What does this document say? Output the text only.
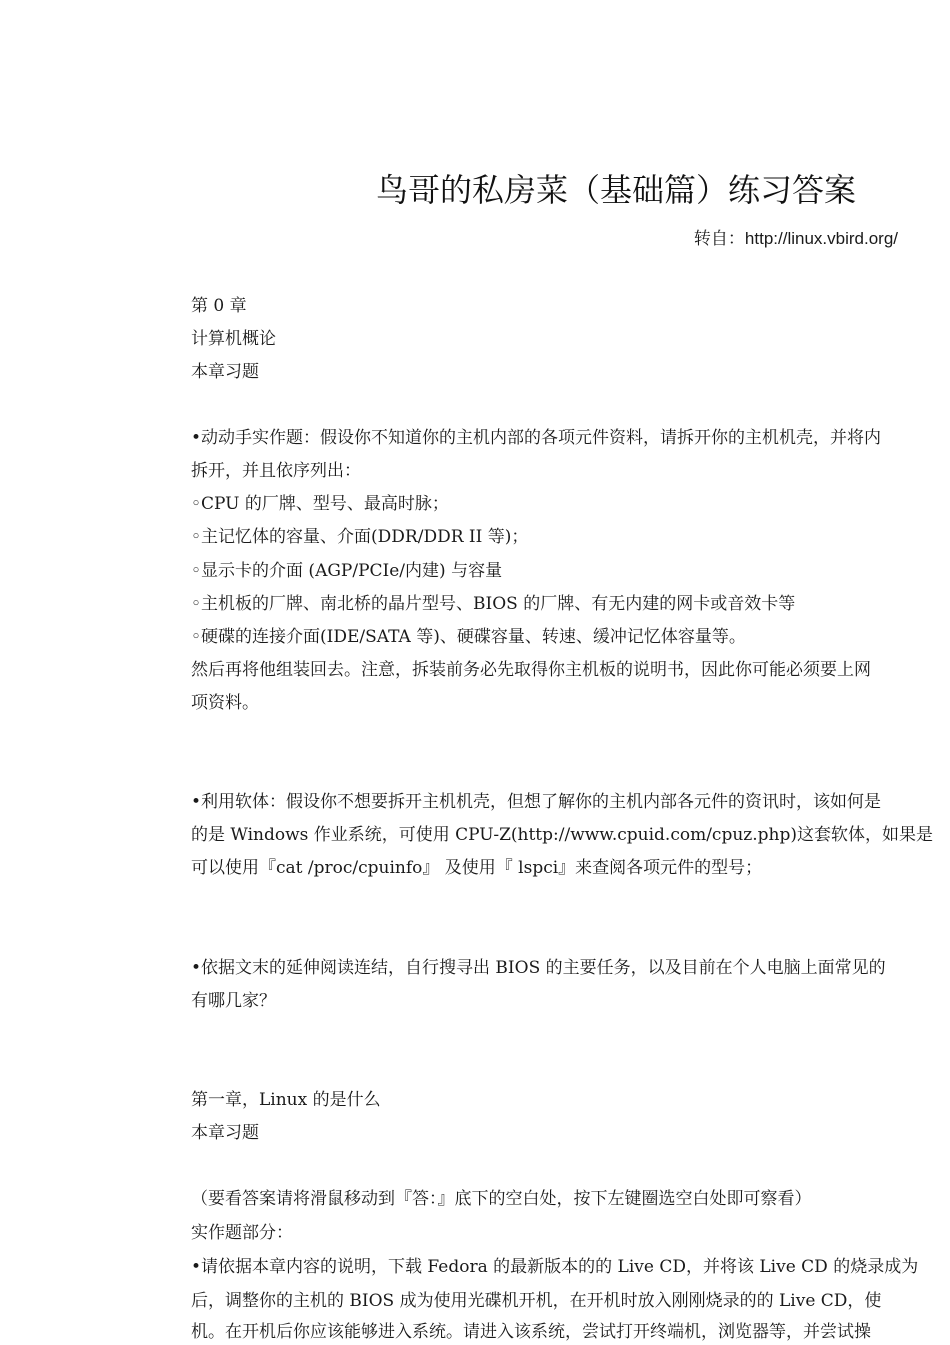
鸟哥的私房菜（基础篇）练习答案
转自：http://linux.vbird.org/
第 0 章
计算机概论
本章习题
•动动手实作题：假设你不知道你的主机内部的各项元件资料，请拆开你的主机机壳，并将内
拆开，并且依序列出：
◦CPU 的厂牌、型号、最高时脉；
◦主记忆体的容量、介面(DDR/DDR II 等)；
◦显示卡的介面 (AGP/PCIe/内建) 与容量
◦主机板的厂牌、南北桥的晶片型号、BIOS 的厂牌、有无内建的网卡或音效卡等
◦硬碟的连接介面(IDE/SATA 等)、硬碟容量、转速、缓冲记忆体容量等。
然后再将他组装回去。注意，拆装前务必先取得你主机板的说明书，因此你可能必须要上网
项资料。
•利用软体：假设你不想要拆开主机机壳，但想了解你的主机内部各元件的资讯时，该如何是
的是 Windows 作业系统，可使用 CPU-Z(http://www.cpuid.com/cpuz.php)这套软体，如果是
可以使用『cat /proc/cpuinfo』 及使用『 lspci』来查阅各项元件的型号；
•依据文末的延伸阅读连结，自行搜寻出 BIOS 的主要任务，以及目前在个人电脑上面常见的
有哪几家？
第一章，Linux 的是什么
本章习题
（要看答案请将滑鼠移动到『答：』底下的空白处，按下左键圈选空白处即可察看）
实作题部分：
•请依据本章内容的说明，下载 Fedora 的最新版本的的 Live CD，并将该 Live CD 的烧录成为
后，调整你的主机的 BIOS 成为使用光碟机开机，在开机时放入刚刚烧录的的 Live CD，使
机。在开机后你应该能够进入系统。请进入该系统，尝试打开终端机，浏览器等，并尝试操
